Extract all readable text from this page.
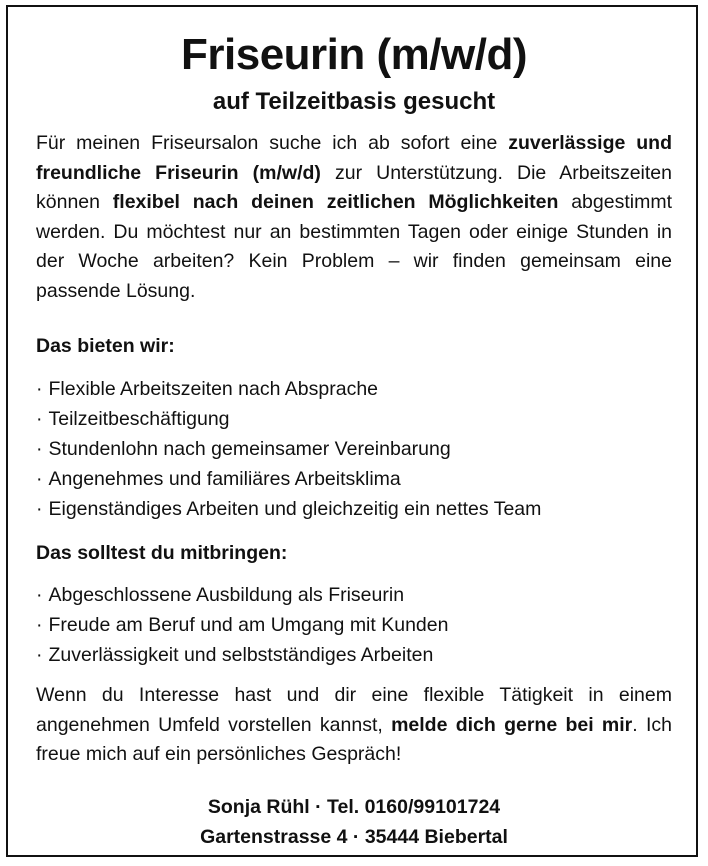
Friseurin (m/w/d)
auf Teilzeitbasis gesucht

Für meinen Friseursalon suche ich ab sofort eine zuverlässige und freundliche Friseurin (m/w/d) zur Unterstützung. Die Arbeitszeiten können flexibel nach deinen zeitlichen Möglichkeiten abgestimmt werden. Du möchtest nur an bestimmten Tagen oder einige Stunden in der Woche arbeiten? Kein Problem – wir finden gemeinsam eine passende Lösung.

Das bieten wir:
· Flexible Arbeitszeiten nach Absprache
· Teilzeitbeschäftigung
· Stundenlohn nach gemeinsamer Vereinbarung
· Angenehmes und familiäres Arbeitsklima
· Eigenständiges Arbeiten und gleichzeitig ein nettes Team
Das solltest du mitbringen:
· Abgeschlossene Ausbildung als Friseurin
· Freude am Beruf und am Umgang mit Kunden
· Zuverlässigkeit und selbstständiges Arbeiten

Wenn du Interesse hast und dir eine flexible Tätigkeit in einem angenehmen Umfeld vorstellen kannst, melde dich gerne bei mir. Ich freue mich auf ein persönliches Gespräch!

Sonja Rühl · Tel. 0160/99101724

Gartenstrasse 4 · 35444 Biebertal
